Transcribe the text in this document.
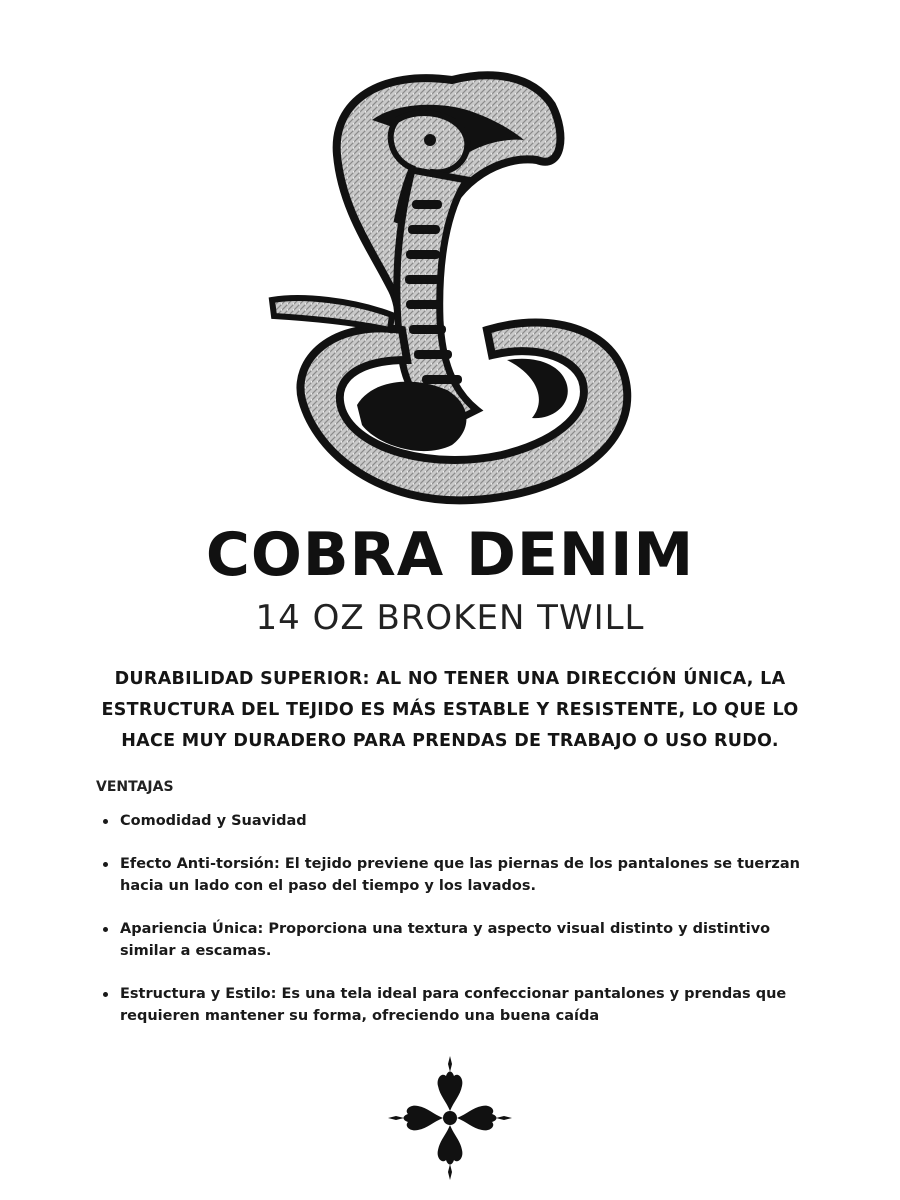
COBRA DENIM
14 OZ BROKEN TWILL
DURABILIDAD SUPERIOR: AL NO TENER UNA DIRECCIÓN ÚNICA, LA ESTRUCTURA DEL TEJIDO ES MÁS ESTABLE Y RESISTENTE, LO QUE LO HACE MUY DURADERO PARA PRENDAS DE TRABAJO O USO RUDO.
VENTAJAS
Comodidad y Suavidad
Efecto Anti-torsión: El tejido previene que las piernas de los pantalones se tuerzan hacia un lado con el paso del tiempo y los lavados.
Apariencia Única: Proporciona una textura y aspecto visual distinto y distintivo similar a escamas.
Estructura y Estilo: Es una tela ideal para confeccionar pantalones y prendas que requieren mantener su forma, ofreciendo una buena caída
